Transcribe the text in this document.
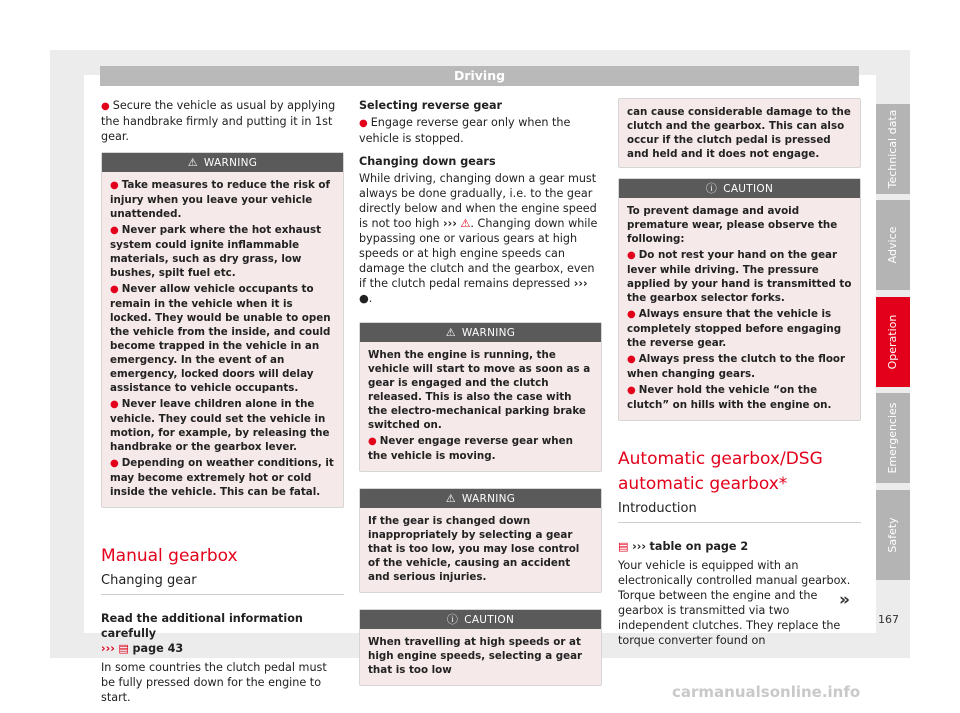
Driving

● Secure the vehicle as usual by applying the handbrake firmly and putting it in 1st gear.

⚠ WARNING
● Take measures to reduce the risk of injury when you leave your vehicle unattended.
● Never park where the hot exhaust system could ignite inflammable materials, such as dry grass, low bushes, spilt fuel etc.
● Never allow vehicle occupants to remain in the vehicle when it is locked. They would be unable to open the vehicle from the inside, and could become trapped in the vehicle in an emergency. In the event of an emergency, locked doors will delay assistance to vehicle occupants.
● Never leave children alone in the vehicle. They could set the vehicle in motion, for example, by releasing the handbrake or the gearbox lever.
● Depending on weather conditions, it may become extremely hot or cold inside the vehicle. This can be fatal.
Manual gearbox
Changing gear

Read the additional information carefully
››› ▤ page 43

In some countries the clutch pedal must be fully pressed down for the engine to start.

Selecting reverse gear

● Engage reverse gear only when the vehicle is stopped.

Changing down gears

While driving, changing down a gear must always be done gradually, i.e. to the gear directly below and when the engine speed is not too high ››› ⚠. Changing down while bypassing one or various gears at high speeds or at high engine speeds can damage the clutch and the gearbox, even if the clutch pedal remains depressed ››› ●.

⚠ WARNING
When the engine is running, the vehicle will start to move as soon as a gear is engaged and the clutch released. This is also the case with the electro-mechanical parking brake switched on.
● Never engage reverse gear when the vehicle is moving.
⚠ WARNING
If the gear is changed down inappropriately by selecting a gear that is too low, you may lose control of the vehicle, causing an accident and serious injuries.
ⓘ CAUTION
When travelling at high speeds or at high engine speeds, selecting a gear that is too low
can cause considerable damage to the clutch and the gearbox. This can also occur if the clutch pedal is pressed and held and it does not engage.
ⓘ CAUTION
To prevent damage and avoid premature wear, please observe the following:
● Do not rest your hand on the gear lever while driving. The pressure applied by your hand is transmitted to the gearbox selector forks.
● Always ensure that the vehicle is completely stopped before engaging the reverse gear.
● Always press the clutch to the floor when changing gears.
● Never hold the vehicle “on the clutch” on hills with the engine on.
Automatic gearbox/DSG automatic gearbox*
Introduction

▤ ››› table on page 2

Your vehicle is equipped with an electronically controlled manual gearbox. Torque between the engine and the gearbox is transmitted via two independent clutches. They replace the torque converter found on

Technical data
Advice
Operation
Emergencies
Safety
»
167
carmanualsonline.info
